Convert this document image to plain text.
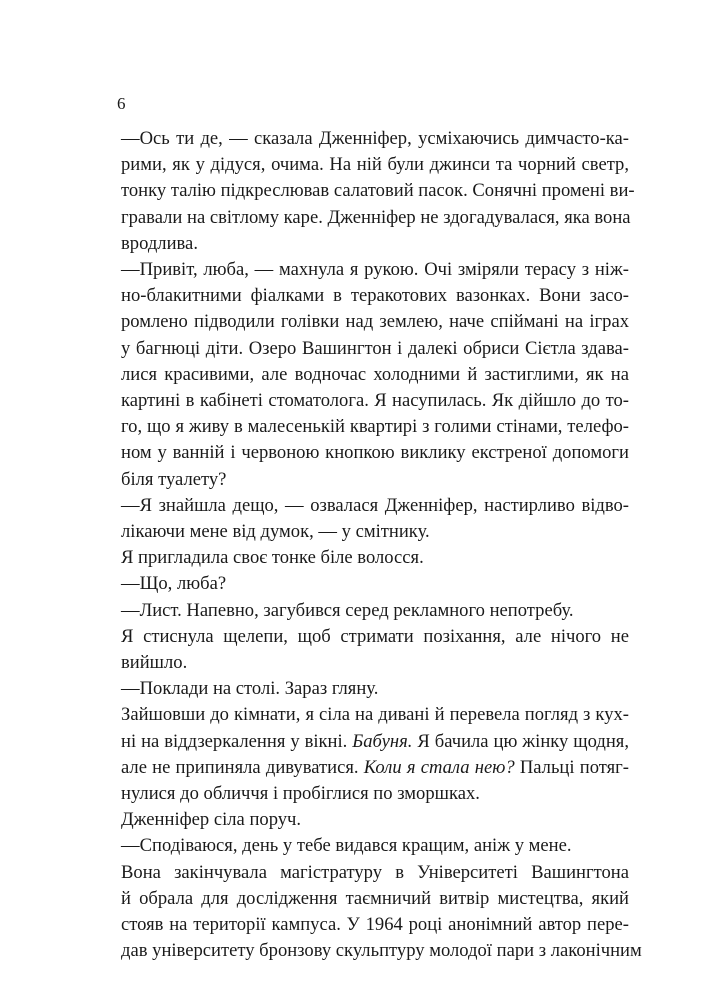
6

—Ось ти де, — сказала Дженніфер, усміхаючись димчасто-ка-
рими, як у дідуся, очима. На ній були джинси та чорний светр,
тонку талію підкреслював салатовий пасок. Сонячні промені ви-
гравали на світлому каре. Дженніфер не здогадувалася, яка вона
вродлива.

—Привіт, люба, — махнула я рукою. Очі зміряли терасу з ніж-
но-блакитними фіалками в теракотових вазонках. Вони засо-
ромлено підводили голівки над землею, наче спіймані на іграх
у багнюці діти. Озеро Вашингтон і далекі обриси Сієтла здава-
лися красивими, але водночас холодними й застиглими, як на
картині в кабінеті стоматолога. Я насупилась. Як дійшло до то-
го, що я живу в малесенькій квартирі з голими стінами, телефо-
ном у ванній і червоною кнопкою виклику екстреної допомоги
біля туалету?

—Я знайшла дещо, — озвалася Дженніфер, настирливо відво-
лікаючи мене від думок, — у смітнику.

Я пригладила своє тонке біле волосся.

—Що, люба?

—Лист. Напевно, загубився серед рекламного непотребу.

Я стиснула щелепи, щоб стримати позіхання, але нічого не
вийшло.

—Поклади на столі. Зараз гляну.

Зайшовши до кімнати, я сіла на дивані й перевела погляд з кух-
ні на віддзеркалення у вікні. Бабуня. Я бачила цю жінку щодня,
але не припиняла дивуватися. Коли я стала нею? Пальці потяг-
нулися до обличчя і пробіглися по зморшках.

Дженніфер сіла поруч.

—Сподіваюся, день у тебе видався кращим, аніж у мене.

Вона закінчувала магістратуру в Університеті Вашингтона
й обрала для дослідження таємничий витвір мистецтва, який
стояв на території кампуса. У 1964 році анонімний автор пере-
дав університету бронзову скульптуру молодої пари з лаконічним
